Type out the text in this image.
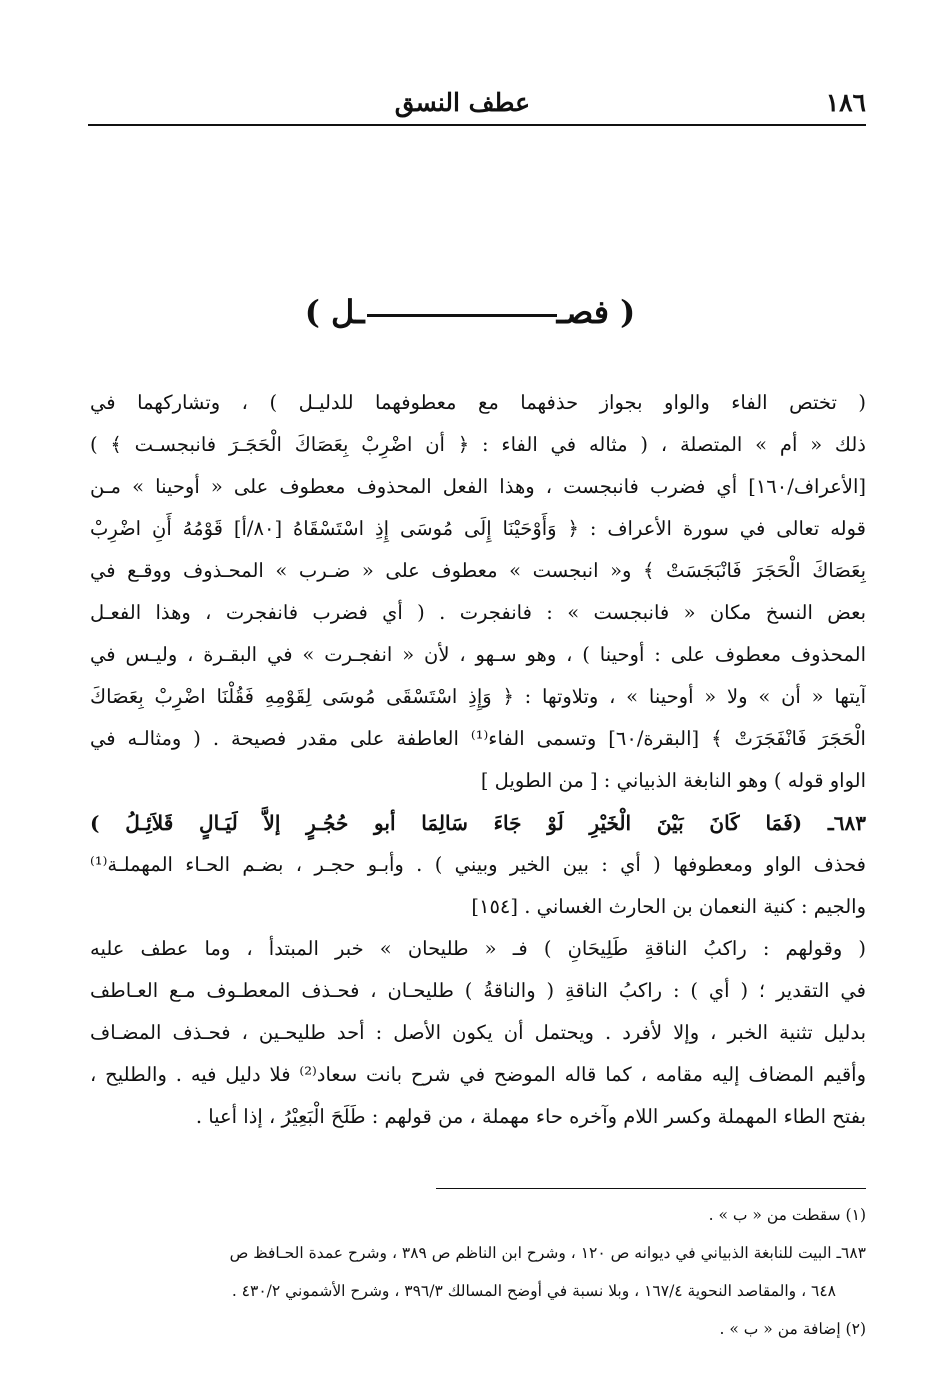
١٨٦
عطف النسق
( فصــل )
( تختص الفاء والواو بجواز حذفهما مع معطوفهما للدليـل ) ، وتشاركهما في
ذلك « أم » المتصلة ، ( مثاله في الفاء : ﴿ أن اضْرِبْ بِعَصَاكَ الْحَجَـرَ فانبجسـت ﴾ )
[الأعراف/١٦٠] أي فضرب فانبجست ، وهذا الفعل المحذوف معطوف على « أوحينا » مـن
قوله تعالى في سورة الأعراف : ﴿ وَأَوْحَيْنَا إِلَى مُوسَى إِذِ اسْتَسْقَاهُ [٨٠/أ] قَوْمُهُ أَنِ اضْرِبْ
بِعَصَاكَ الْحَجَرَ فَانْبَجَسَتْ ﴾ و« انبجست » معطوف على « ضـرب » المحـذوف ووقـع في
بعض النسخ مكان « فانبجست » : فانفجرت . ( أي فضرب فانفجرت ، وهذا الفعـل
المحذوف معطوف على : أوحينا ) ، وهو سـهو ، لأن « انفجـرت » في البقـرة ، وليـس في
آيتها « أن » ولا « أوحينا » ، وتلاوتها : ﴿ وَإِذِ اسْتَسْقَى مُوسَى لِقَوْمِهِ فَقُلْنَا اضْرِبْ بِعَصَاكَ
الْحَجَرَ فَانْفَجَرَتْ ﴾ [البقرة/٦٠] وتسمى الفاء⁽¹⁾ العاطفة على مقدر فصيحة . ( ومثالـه في
الواو قوله ) وهو النابغة الذبياني : [ من الطويل ]
٦٨٣ـ (فَمَا كَانَ بَيْنَ الْخَيْرِ لَوْ جَاءَ سَالِمَا أبو حُجُـرٍ إلاَّ لَيَـالٍ قَلاَئِـلُ )
فحذف الواو ومعطوفها ( أي : بين الخير وبيني ) . وأبـو حجـر ، بضـم الحـاء المهملـة⁽¹⁾
والجيم : كنية النعمان بن الحارث الغساني . [١٥٤]
( وقولهم : راكبُ الناقةِ طَلِيحَانِ ) فـ « طليحان » خبر المبتدأ ، وما عطف عليه
في التقدير ؛ ( أي ) : راكبُ الناقةِ ( والناقةُ ) طليحـان ، فحـذف المعطـوف مـع العـاطف
بدليل تثنية الخبر ، وإلا لأفرد . ويحتمل أن يكون الأصل : أحد طليحـين ، فحـذف المضـاف
وأقيم المضاف إليه مقامه ، كما قاله الموضح في شرح بانت سعاد⁽²⁾ فلا دليل فيه . والطليح ،
بفتح الطاء المهملة وكسر اللام وآخره حاء مهملة ، من قولهم : طَلَحَ الْبَعِيْرُ ، إذا أعيا .
(١) سقطت من « ب » .
٦٨٣ـ البيت للنابغة الذبياني في ديوانه ص ١٢٠ ، وشرح ابن الناظم ص ٣٨٩ ، وشرح عمدة الحـافظ ص
٦٤٨ ، والمقاصد النحوية ١٦٧/٤ ، وبلا نسبة في أوضح المسالك ٣٩٦/٣ ، وشرح الأشموني ٤٣٠/٢ .
(٢) إضافة من « ب » .
